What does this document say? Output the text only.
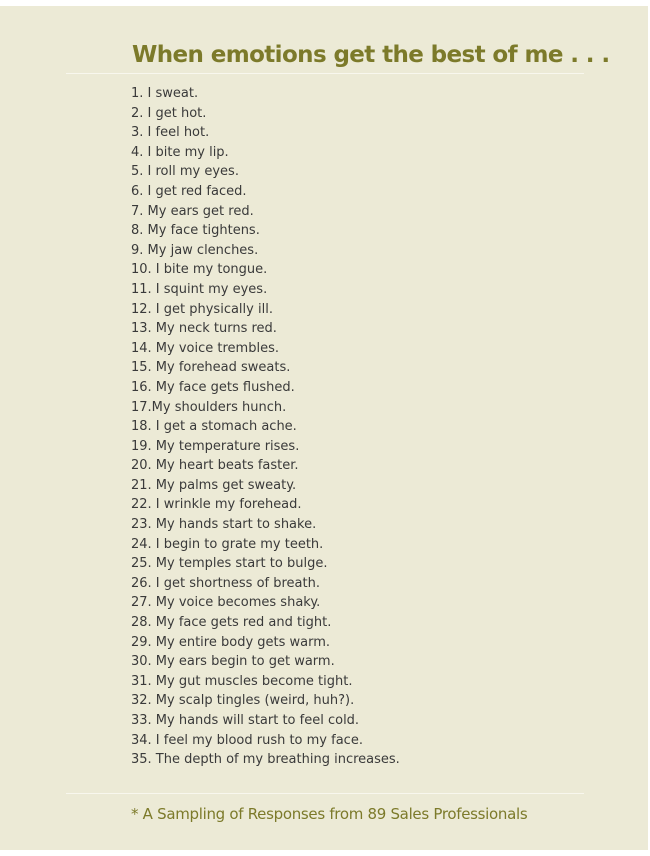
When emotions get the best of me . . .
1. I sweat.
2. I get hot.
3. I feel hot.
4. I bite my lip.
5. I roll my eyes.
6. I get red faced.
7. My ears get red.
8. My face tightens.
9. My jaw clenches.
10. I bite my tongue.
11. I squint my eyes.
12. I get physically ill.
13. My neck turns red.
14. My voice trembles.
15. My forehead sweats.
16. My face gets flushed.
17.My shoulders hunch.
18. I get a stomach ache.
19. My temperature rises.
20. My heart beats faster.
21. My palms get sweaty.
22. I wrinkle my forehead.
23. My hands start to shake.
24. I begin to grate my teeth.
25. My temples start to bulge.
26. I get shortness of breath.
27. My voice becomes shaky.
28. My face gets red and tight.
29. My entire body gets warm.
30. My ears begin to get warm.
31. My gut muscles become tight.
32. My scalp tingles (weird, huh?).
33. My hands will start to feel cold.
34. I feel my blood rush to my face.
35. The depth of my breathing increases.

* A Sampling of Responses from 89 Sales Professionals
